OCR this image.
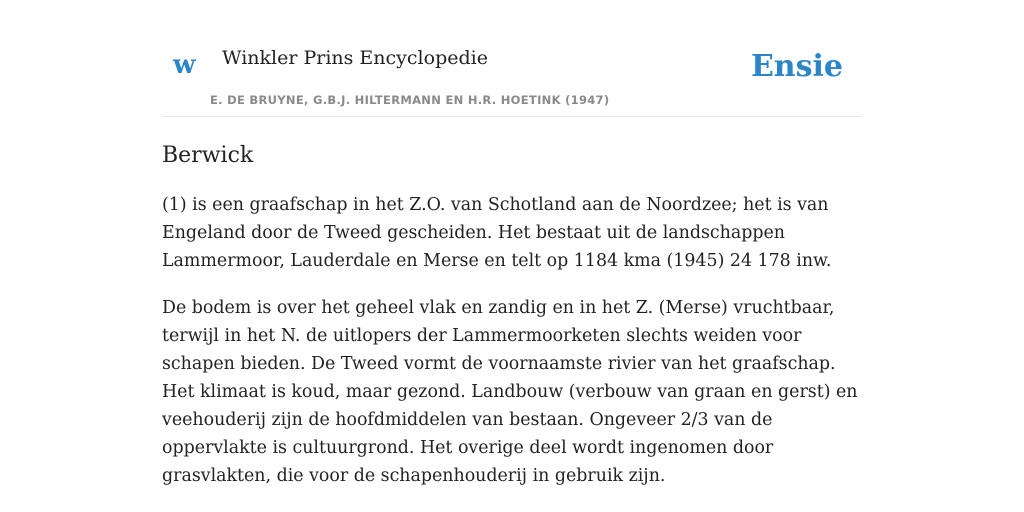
w Winkler Prins Encyclopedie
E. DE BRUYNE, G.B.J. HILTERMANN EN H.R. HOETINK (1947)
Ensie
Berwick

(1) is een graafschap in het Z.O. van Schotland aan de Noordzee; het is van Engeland door de Tweed gescheiden. Het bestaat uit de landschappen Lammermoor, Lauderdale en Merse en telt op 1184 kma (1945) 24 178 inw.

De bodem is over het geheel vlak en zandig en in het Z. (Merse) vruchtbaar, terwijl in het N. de uitlopers der Lammermoorketen slechts weiden voor schapen bieden. De Tweed vormt de voornaamste rivier van het graafschap. Het klimaat is koud, maar gezond. Landbouw (verbouw van graan en gerst) en veehouderij zijn de hoofdmiddelen van bestaan. Ongeveer 2/3 van de oppervlakte is cultuurgrond. Het overige deel wordt ingenomen door grasvlakten, die voor de schapenhouderij in gebruik zijn.
